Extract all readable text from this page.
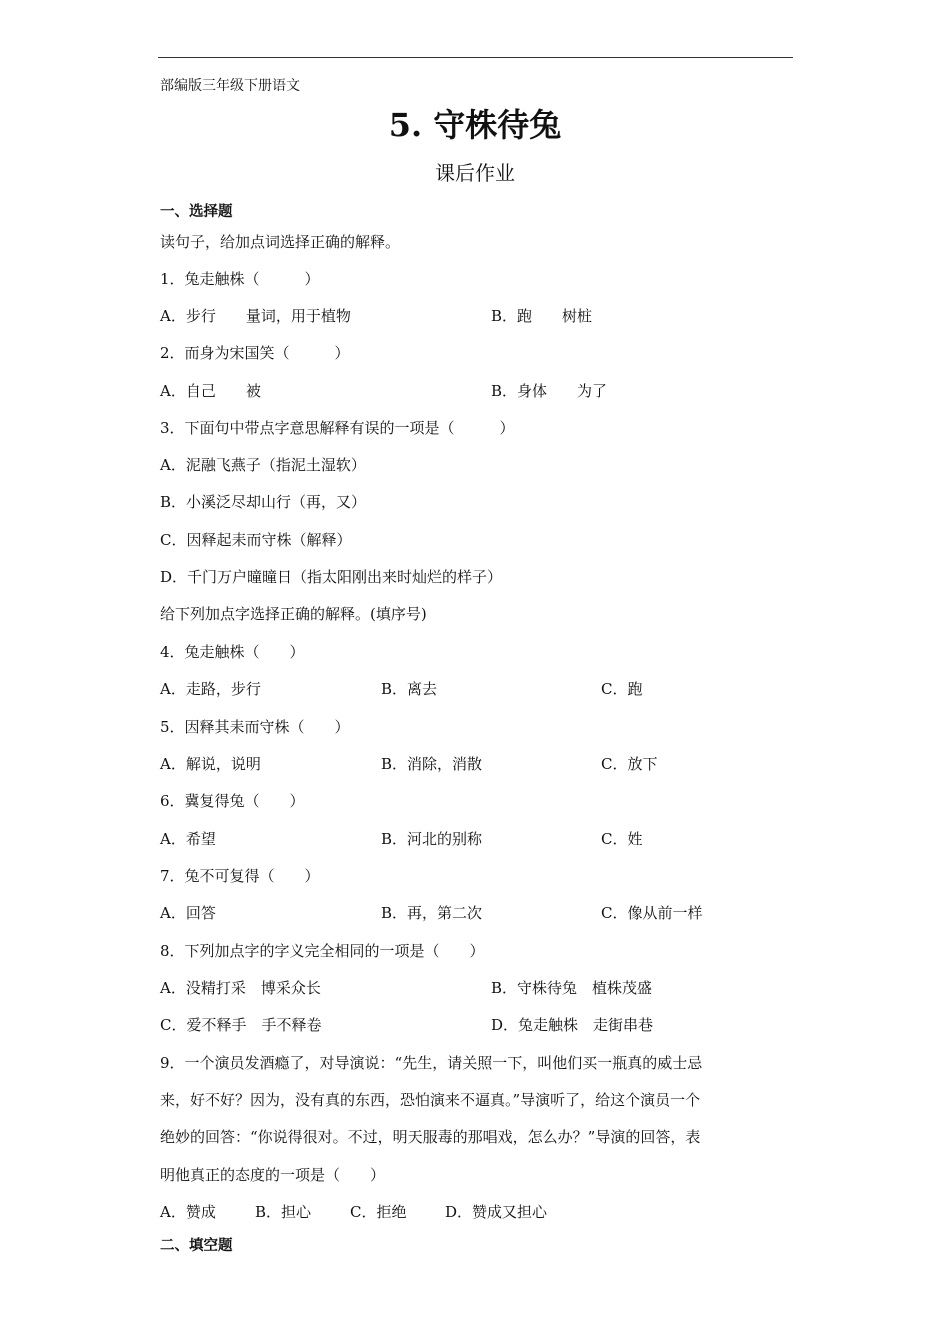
部编版三年级下册语文
5. 守株待兔
课后作业
一、选择题
读句子，给加点词选择正确的解释。
1．兔走触株（　　　）
A．步行　　量词，用于植物	B．跑　　树桩
2．而身为宋国笑（　　　）
A．自己　　被	B．身体　　为了
3．下面句中带点字意思解释有误的一项是（　　　）
A．泥融飞燕子（指泥土湿软）
B．小溪泛尽却山行（再，又）
C．因释起耒而守株（解释）
D．千门万户曈曈日（指太阳刚出来时灿烂的样子）
给下列加点字选择正确的解释。(填序号)
4．兔走触株（　　）
A．走路，步行	B．离去	C．跑
5．因释其耒而守株（　　）
A．解说，说明	B．消除，消散	C．放下
6．冀复得兔（　　）
A．希望	B．河北的别称	C．姓
7．兔不可复得（　　）
A．回答	B．再，第二次	C．像从前一样
8．下列加点字的字义完全相同的一项是（　　）
A．没精打采　博采众长	B．守株待兔　植株茂盛
C．爱不释手　手不释卷	D．兔走触株　走街串巷
9．一个演员发酒瘾了，对导演说：“先生，请关照一下，叫他们买一瓶真的威士忌
来，好不好？因为，没有真的东西，恐怕演来不逼真。”导演听了，给这个演员一个
绝妙的回答：“你说得很对。不过，明天服毒的那唱戏，怎么办？”导演的回答，表
明他真正的态度的一项是（　　）
A．赞成	B．担心	C．拒绝	D．赞成又担心
二、填空题
